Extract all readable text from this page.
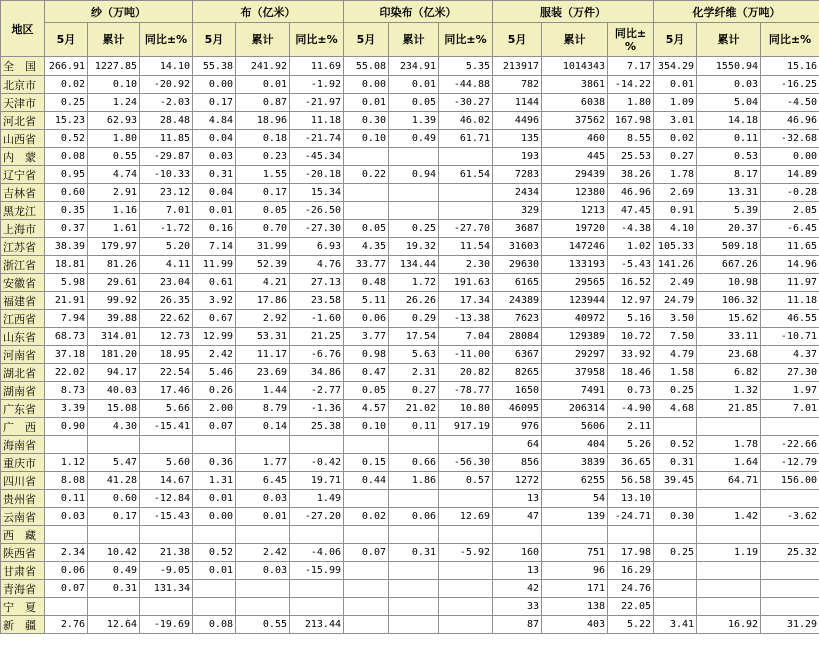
地区	纱（万吨）			布（亿米）			印染布（亿米）			服装（万件）			化学纤维（万吨）		
	5月	累计	同比±%	5月	累计	同比±%	5月	累计	同比±%	5月	累计	同比±%	5月	累计	同比±%
全　国	266.91	1227.85	14.10	55.38	241.92	11.69	55.08	234.91	5.35	213917	1014343	7.17	354.29	1550.94	15.16
北京市	0.02	0.10	-20.92	0.00	0.01	-1.92	0.00	0.01	-44.88	782	3861	-14.22	0.01	0.03	-16.25
天津市	0.25	1.24	-2.03	0.17	0.87	-21.97	0.01	0.05	-30.27	1144	6038	1.80	1.09	5.04	-4.50
河北省	15.23	62.93	28.48	4.84	18.96	11.18	0.30	1.39	46.02	4496	37562	167.98	3.01	14.18	46.96
山西省	0.52	1.80	11.85	0.04	0.18	-21.74	0.10	0.49	61.71	135	460	8.55	0.02	0.11	-32.68
内　蒙	0.08	0.55	-29.87	0.03	0.23	-45.34				193	445	25.53	0.27	0.53	0.00
辽宁省	0.95	4.74	-10.33	0.31	1.55	-20.18	0.22	0.94	61.54	7283	29439	38.26	1.78	8.17	14.89
吉林省	0.60	2.91	23.12	0.04	0.17	15.34				2434	12380	46.96	2.69	13.31	-0.28
黑龙江	0.35	1.16	7.01	0.01	0.05	-26.50				329	1213	47.45	0.91	5.39	2.05
上海市	0.37	1.61	-1.72	0.16	0.70	-27.30	0.05	0.25	-27.70	3687	19720	-4.38	4.10	20.37	-6.45
江苏省	38.39	179.97	5.20	7.14	31.99	6.93	4.35	19.32	11.54	31603	147246	1.02	105.33	509.18	11.65
浙江省	18.81	81.26	4.11	11.99	52.39	4.76	33.77	134.44	2.30	29630	133193	-5.43	141.26	667.26	14.96
安徽省	5.98	29.61	23.04	0.61	4.21	27.13	0.48	1.72	191.63	6165	29565	16.52	2.49	10.98	11.97
福建省	21.91	99.92	26.35	3.92	17.86	23.58	5.11	26.26	17.34	24389	123944	12.97	24.79	106.32	11.18
江西省	7.94	39.88	22.62	0.67	2.92	-1.60	0.06	0.29	-13.38	7623	40972	5.16	3.50	15.62	46.55
山东省	68.73	314.01	12.73	12.99	53.31	21.25	3.77	17.54	7.04	28084	129389	10.72	7.50	33.11	-10.71
河南省	37.18	181.20	18.95	2.42	11.17	-6.76	0.98	5.63	-11.00	6367	29297	33.92	4.79	23.68	4.37
湖北省	22.02	94.17	22.54	5.46	23.69	34.86	0.47	2.31	20.82	8265	37958	18.46	1.58	6.82	27.30
湖南省	8.73	40.03	17.46	0.26	1.44	-2.77	0.05	0.27	-78.77	1650	7491	0.73	0.25	1.32	1.97
广东省	3.39	15.08	5.66	2.00	8.79	-1.36	4.57	21.02	10.80	46095	206314	-4.90	4.68	21.85	7.01
广　西	0.90	4.30	-15.41	0.07	0.14	25.38	0.10	0.11	917.19	976	5606	2.11			
海南省										64	404	5.26	0.52	1.78	-22.66
重庆市	1.12	5.47	5.60	0.36	1.77	-0.42	0.15	0.66	-56.30	856	3839	36.65	0.31	1.64	-12.79
四川省	8.08	41.28	14.67	1.31	6.45	19.71	0.44	1.86	0.57	1272	6255	56.58	39.45	64.71	156.00
贵州省	0.11	0.60	-12.84	0.01	0.03	1.49				13	54	13.10			
云南省	0.03	0.17	-15.43	0.00	0.01	-27.20	0.02	0.06	12.69	47	139	-24.71	0.30	1.42	-3.62
西　藏															
陕西省	2.34	10.42	21.38	0.52	2.42	-4.06	0.07	0.31	-5.92	160	751	17.98	0.25	1.19	25.32
甘肃省	0.06	0.49	-9.05	0.01	0.03	-15.99				13	96	16.29			
青海省	0.07	0.31	131.34							42	171	24.76			
宁　夏										33	138	22.05			
新　疆	2.76	12.64	-19.69	0.08	0.55	213.44				87	403	5.22	3.41	16.92	31.29
